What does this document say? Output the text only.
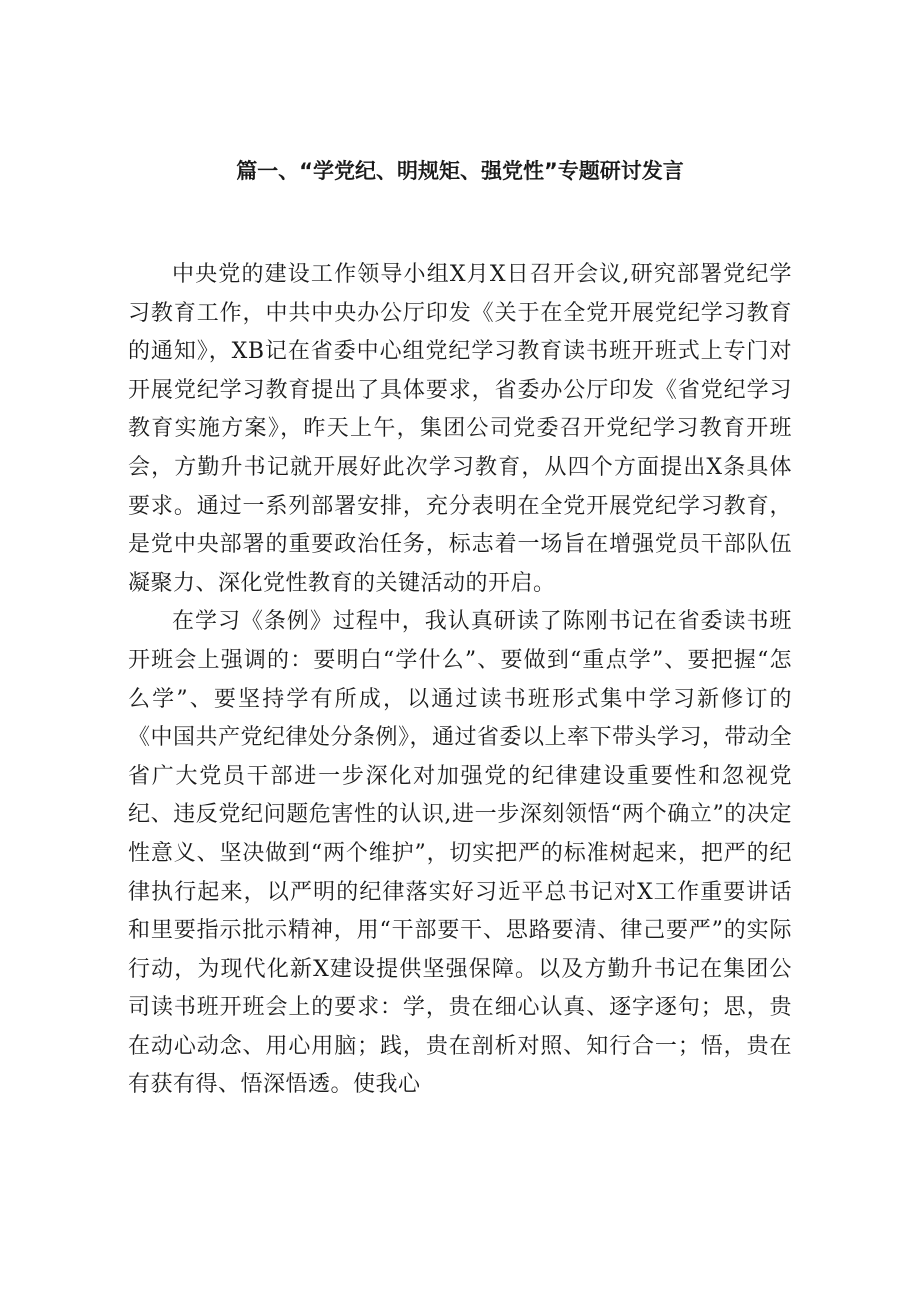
篇一、“学党纪、明规矩、强党性”专题研讨发言

中央党的建设工作领导小组X月X日召开会议,研究部署党纪学习教育工作，中共中央办公厅印发《关于在全党开展党纪学习教育的通知》，XB记在省委中心组党纪学习教育读书班开班式上专门对开展党纪学习教育提出了具体要求，省委办公厅印发《省党纪学习教育实施方案》，昨天上午，集团公司党委召开党纪学习教育开班会，方勤升书记就开展好此次学习教育，从四个方面提出X条具体要求。通过一系列部署安排，充分表明在全党开展党纪学习教育，是党中央部署的重要政治任务，标志着一场旨在增强党员干部队伍凝聚力、深化党性教育的关键活动的开启。

在学习《条例》过程中，我认真研读了陈刚书记在省委读书班开班会上强调的：要明白“学什么”、要做到“重点学”、要把握“怎么学”、要坚持学有所成，以通过读书班形式集中学习新修订的《中国共产党纪律处分条例》，通过省委以上率下带头学习，带动全省广大党员干部进一步深化对加强党的纪律建设重要性和忽视党纪、违反党纪问题危害性的认识,进一步深刻领悟“两个确立”的决定性意义、坚决做到“两个维护”，切实把严的标准树起来，把严的纪律执行起来，以严明的纪律落实好习近平总书记对X工作重要讲话和里要指示批示精神，用“干部要干、思路要清、律己要严”的实际行动，为现代化新X建设提供坚强保障。以及方勤升书记在集团公司读书班开班会上的要求：学，贵在细心认真、逐字逐句；思，贵在动心动念、用心用脑；践，贵在剖析对照、知行合一；悟，贵在有获有得、悟深悟透。使我心
